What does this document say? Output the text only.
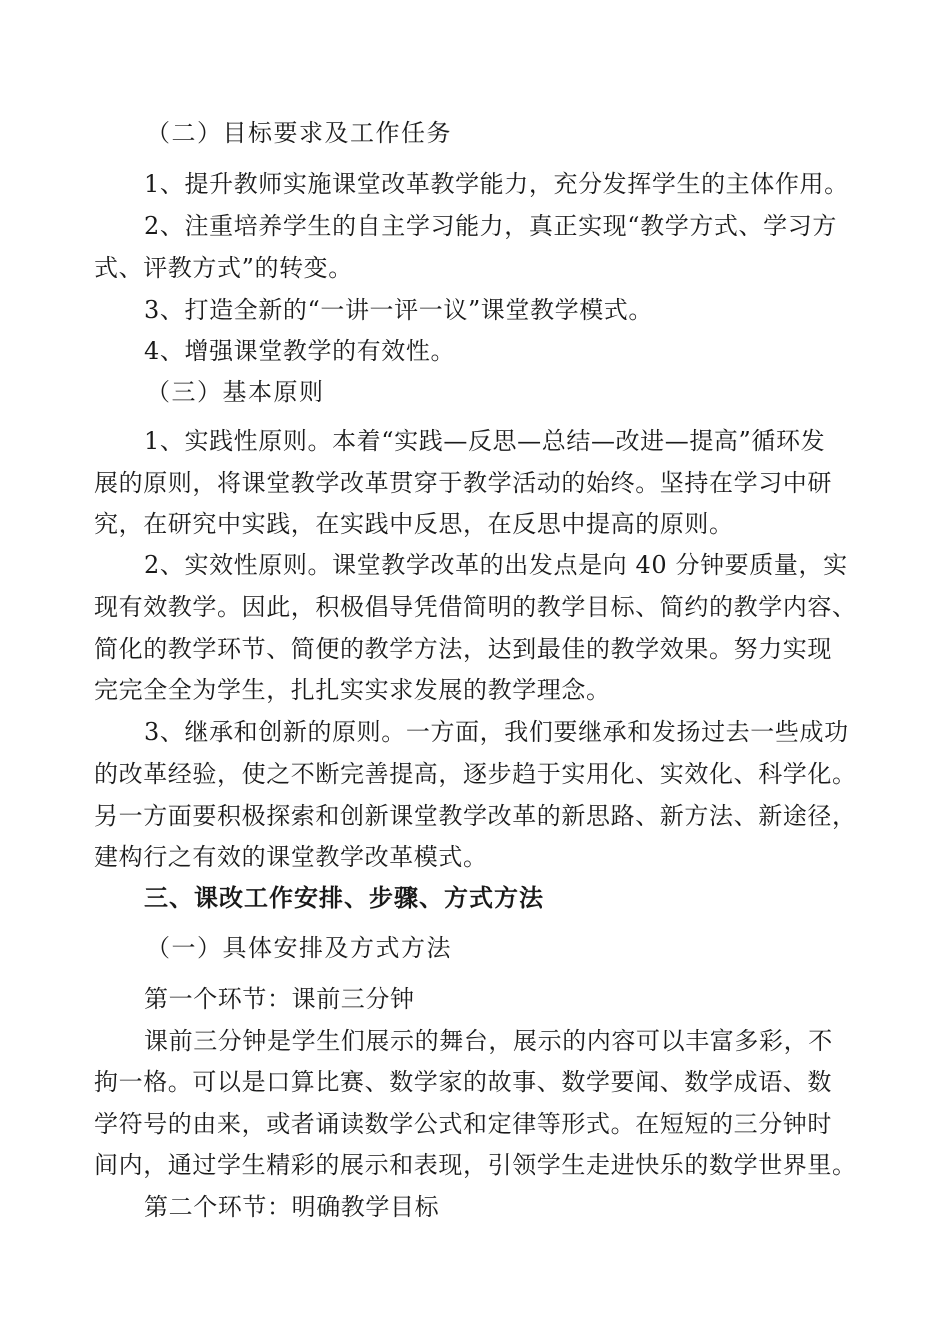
（二）目标要求及工作任务

1、提升教师实施课堂改革教学能力，充分发挥学生的主体作用。

2、注重培养学生的自主学习能力，真正实现“教学方式、学习方

式、评教方式”的转变。

3、打造全新的“一讲一评一议”课堂教学模式。

4、增强课堂教学的有效性。

（三）基本原则

1、实践性原则。本着“实践—反思—总结—改进—提高”循环发

展的原则，将课堂教学改革贯穿于教学活动的始终。坚持在学习中研

究，在研究中实践，在实践中反思，在反思中提高的原则。

2、实效性原则。课堂教学改革的出发点是向 40 分钟要质量，实

现有效教学。因此，积极倡导凭借简明的教学目标、简约的教学内容、

简化的教学环节、简便的教学方法，达到最佳的教学效果。努力实现

完完全全为学生，扎扎实实求发展的教学理念。

3、继承和创新的原则。一方面，我们要继承和发扬过去一些成功

的改革经验，使之不断完善提高，逐步趋于实用化、实效化、科学化。

另一方面要积极探索和创新课堂教学改革的新思路、新方法、新途径，

建构行之有效的课堂教学改革模式。

三、课改工作安排、步骤、方式方法

（一）具体安排及方式方法

第一个环节：课前三分钟

课前三分钟是学生们展示的舞台，展示的内容可以丰富多彩，不

拘一格。可以是口算比赛、数学家的故事、数学要闻、数学成语、数

学符号的由来，或者诵读数学公式和定律等形式。在短短的三分钟时

间内，通过学生精彩的展示和表现，引领学生走进快乐的数学世界里。

第二个环节：明确教学目标
